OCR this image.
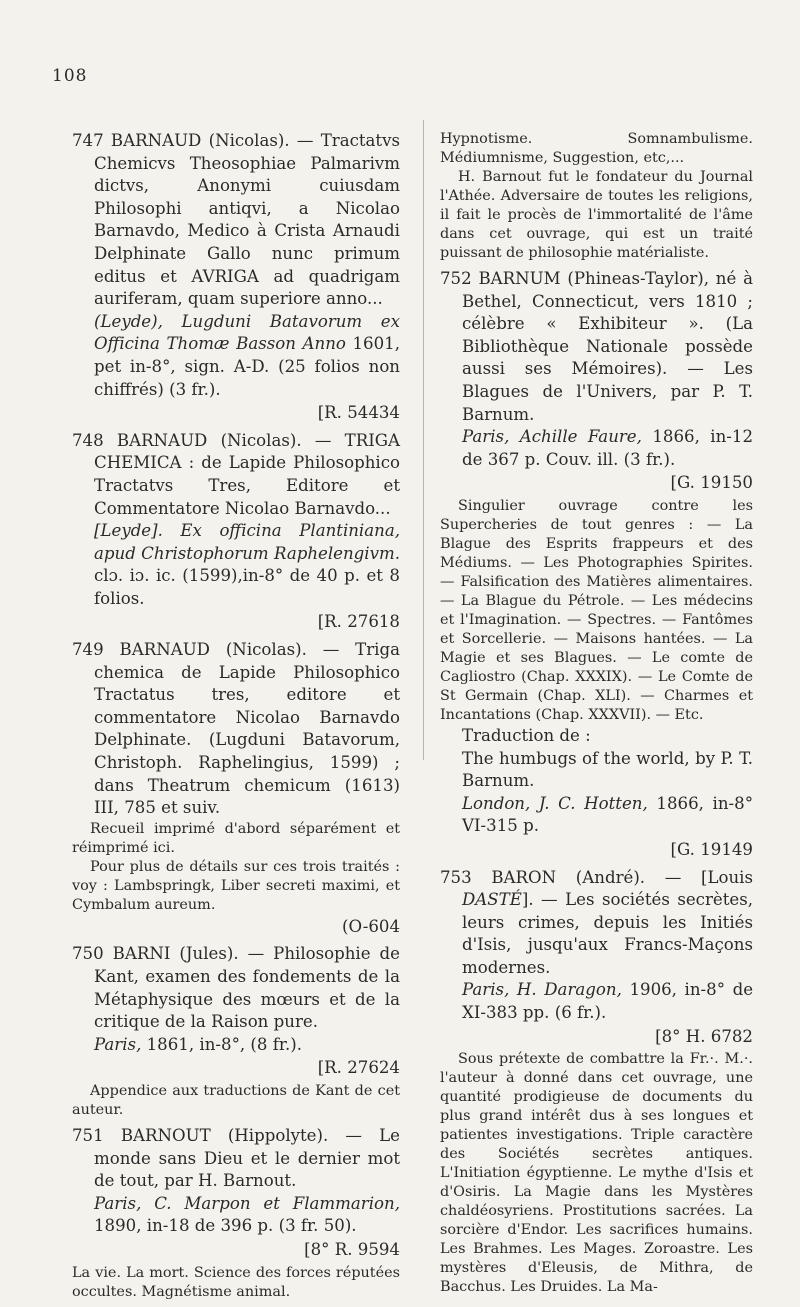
108

747 BARNAUD (Nicolas). — Tractatvs Chemicvs Theosophiae Palmarivm dictvs, Anonymi cuiusdam Philosophi antiqvi, a Nicolao Barnavdo, Medico à Crista Arnaudi Delphinate Gallo nunc primum editus et AVRIGA ad quadrigam auriferam, quam superiore anno...

(Leyde), Lugduni Batavorum ex Officina Thomæ Basson Anno 1601, pet in-8°, sign. A-D. (25 folios non chiffrés) (3 fr.).

[R. 54434

748 BARNAUD (Nicolas). — TRIGA CHEMICA : de Lapide Philosophico Tractatvs Tres, Editore et Commentatore Nicolao Barnavdo...

[Leyde]. Ex officina Plantiniana, apud Christophorum Raphelengivm. clɔ. iɔ. ic. (1599),in-8° de 40 p. et 8 folios.

[R. 27618

749 BARNAUD (Nicolas). — Triga chemica de Lapide Philosophico Tractatus tres, editore et commentatore Nicolao Barnavdo Delphinate. (Lugduni Batavorum, Christoph. Raphelingius, 1599) ; dans Theatrum chemicum (1613) III, 785 et suiv.

Recueil imprimé d'abord séparément et réimprimé ici.

Pour plus de détails sur ces trois traités : voy : Lambspringk, Liber secreti maximi, et Cymbalum aureum.

(O-604

750 BARNI (Jules). — Philosophie de Kant, examen des fondements de la Métaphysique des mœurs et de la critique de la Raison pure.

Paris, 1861, in-8°, (8 fr.).

[R. 27624

Appendice aux traductions de Kant de cet auteur.

751 BARNOUT (Hippolyte). — Le monde sans Dieu et le dernier mot de tout, par H. Barnout.

Paris, C. Marpon et Flammarion, 1890, in-18 de 396 p. (3 fr. 50).

[8° R. 9594

La vie. La mort. Science des forces réputées occultes. Magnétisme animal.

Hypnotisme. Somnambulisme. Médiumnisme, Suggestion, etc,...

H. Barnout fut le fondateur du Journal l'Athée. Adversaire de toutes les religions, il fait le procès de l'immortalité de l'âme dans cet ouvrage, qui est un traité puissant de philosophie matérialiste.

752 BARNUM (Phineas-Taylor), né à Bethel, Connecticut, vers 1810 ; célèbre « Exhibiteur ». (La Bibliothèque Nationale possède aussi ses Mémoires). — Les Blagues de l'Univers, par P. T. Barnum.

Paris, Achille Faure, 1866, in-12 de 367 p. Couv. ill. (3 fr.).

[G. 19150

Singulier ouvrage contre les Supercheries de tout genres : — La Blague des Esprits frappeurs et des Médiums. — Les Photographies Spirites. — Falsification des Matières alimentaires. — La Blague du Pétrole. — Les médecins et l'Imagination. — Spectres. — Fantômes et Sorcellerie. — Maisons hantées. — La Magie et ses Blagues. — Le comte de Cagliostro (Chap. XXXIX). — Le Comte de St Germain (Chap. XLI). — Charmes et Incantations (Chap. XXXVII). — Etc.

Traduction de :

The humbugs of the world, by P. T. Barnum.

London, J. C. Hotten, 1866, in-8° VI-315 p.

[G. 19149

753 BARON (André). — [Louis DASTÉ]. — Les sociétés secrètes, leurs crimes, depuis les Initiés d'Isis, jusqu'aux Francs-Maçons modernes.

Paris, H. Daragon, 1906, in-8° de XI-383 pp. (6 fr.).

[8° H. 6782

Sous prétexte de combattre la Fr.·. M.·. l'auteur à donné dans cet ouvrage, une quantité prodigieuse de documents du plus grand intérêt dus à ses longues et patientes investigations. Triple caractère des Sociétés secrètes antiques. L'Initiation égyptienne. Le mythe d'Isis et d'Osiris. La Magie dans les Mystères chaldéosyriens. Prostitutions sacrées. La sorcière d'Endor. Les sacrifices humains. Les Brahmes. Les Mages. Zoroastre. Les mystères d'Eleusis, de Mithra, de Bacchus. Les Druides. La Ma-
